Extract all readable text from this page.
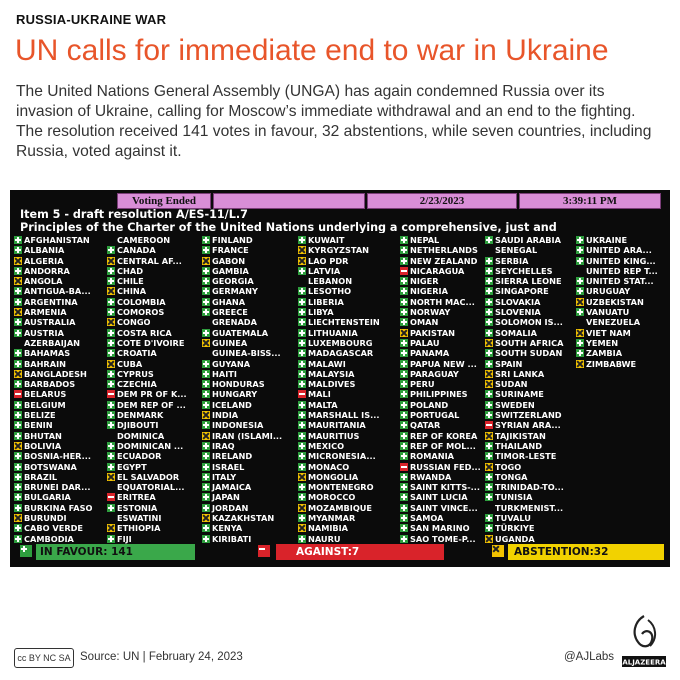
RUSSIA-UKRAINE WAR
UN calls for immediate end to war in Ukraine
The United Nations General Assembly (UNGA) has again condemned Russia over its invasion of Ukraine, calling for Moscow’s immediate withdrawal and an end to the fighting. The resolution received 141 votes in favour, 32 abstentions, while seven countries, including Russia, voted against it.
Voting Ended	2/23/2023	3:39:11 PM
Item 5 - draft resolution A/ES-11/L.7
Principles of the Charter of the United Nations underlying a comprehensive, just and
AFGHANISTAN
ALBANIA
ALGERIA
ANDORRA
ANGOLA
ANTIGUA-BA...
ARGENTINA
ARMENIA
AUSTRALIA
AUSTRIA
AZERBAIJAN
BAHAMAS
BAHRAIN
BANGLADESH
BARBADOS
BELARUS
BELGIUM
BELIZE
BENIN
BHUTAN
BOLIVIA
BOSNIA-HER...
BOTSWANA
BRAZIL
BRUNEI DAR...
BULGARIA
BURKINA FASO
BURUNDI
CABO VERDE
CAMBODIA
CAMEROON
CANADA
CENTRAL AF...
CHAD
CHILE
CHINA
COLOMBIA
COMOROS
CONGO
COSTA RICA
COTE D'IVOIRE
CROATIA
CUBA
CYPRUS
CZECHIA
DEM PR OF K...
DEM REP OF ...
DENMARK
DJIBOUTI
DOMINICA
DOMINICAN ...
ECUADOR
EGYPT
EL SALVADOR
EQUATORIAL...
ERITREA
ESTONIA
ESWATINI
ETHIOPIA
FIJI
FINLAND
FRANCE
GABON
GAMBIA
GEORGIA
GERMANY
GHANA
GREECE
GRENADA
GUATEMALA
GUINEA
GUINEA-BISS...
GUYANA
HAITI
HONDURAS
HUNGARY
ICELAND
INDIA
INDONESIA
IRAN (ISLAMI...
IRAQ
IRELAND
ISRAEL
ITALY
JAMAICA
JAPAN
JORDAN
KAZAKHSTAN
KENYA
KIRIBATI
KUWAIT
KYRGYZSTAN
LAO PDR
LATVIA
LEBANON
LESOTHO
LIBERIA
LIBYA
LIECHTENSTEIN
LITHUANIA
LUXEMBOURG
MADAGASCAR
MALAWI
MALAYSIA
MALDIVES
MALI
MALTA
MARSHALL IS...
MAURITANIA
MAURITIUS
MEXICO
MICRONESIA...
MONACO
MONGOLIA
MONTENEGRO
MOROCCO
MOZAMBIQUE
MYANMAR
NAMIBIA
NAURU
NEPAL
NETHERLANDS
NEW ZEALAND
NICARAGUA
NIGER
NIGERIA
NORTH MAC...
NORWAY
OMAN
PAKISTAN
PALAU
PANAMA
PAPUA NEW ...
PARAGUAY
PERU
PHILIPPINES
POLAND
PORTUGAL
QATAR
REP OF KOREA
REP OF MOL...
ROMANIA
RUSSIAN FED...
RWANDA
SAINT KITTS-...
SAINT LUCIA
SAINT VINCE...
SAMOA
SAN MARINO
SAO TOME-P...
SAUDI ARABIA
SENEGAL
SERBIA
SEYCHELLES
SIERRA LEONE
SINGAPORE
SLOVAKIA
SLOVENIA
SOLOMON IS...
SOMALIA
SOUTH AFRICA
SOUTH SUDAN
SPAIN
SRI LANKA
SUDAN
SURINAME
SWEDEN
SWITZERLAND
SYRIAN ARA...
TAJIKISTAN
THAILAND
TIMOR-LESTE
TOGO
TONGA
TRINIDAD-TO...
TUNISIA
TURKMENIST...
TUVALU
TÜRKIYE
UGANDA
UKRAINE
UNITED ARA...
UNITED KING...
UNITED REP T...
UNITED STAT...
URUGUAY
UZBEKISTAN
VANUATU
VENEZUELA
VIET NAM
YEMEN
ZAMBIA
ZIMBABWE
IN FAVOUR: 141	AGAINST:7	ABSTENTION:32
cc BY NC SA Source: UN | February 24, 2023	@AJLabs ALJAZEERA
